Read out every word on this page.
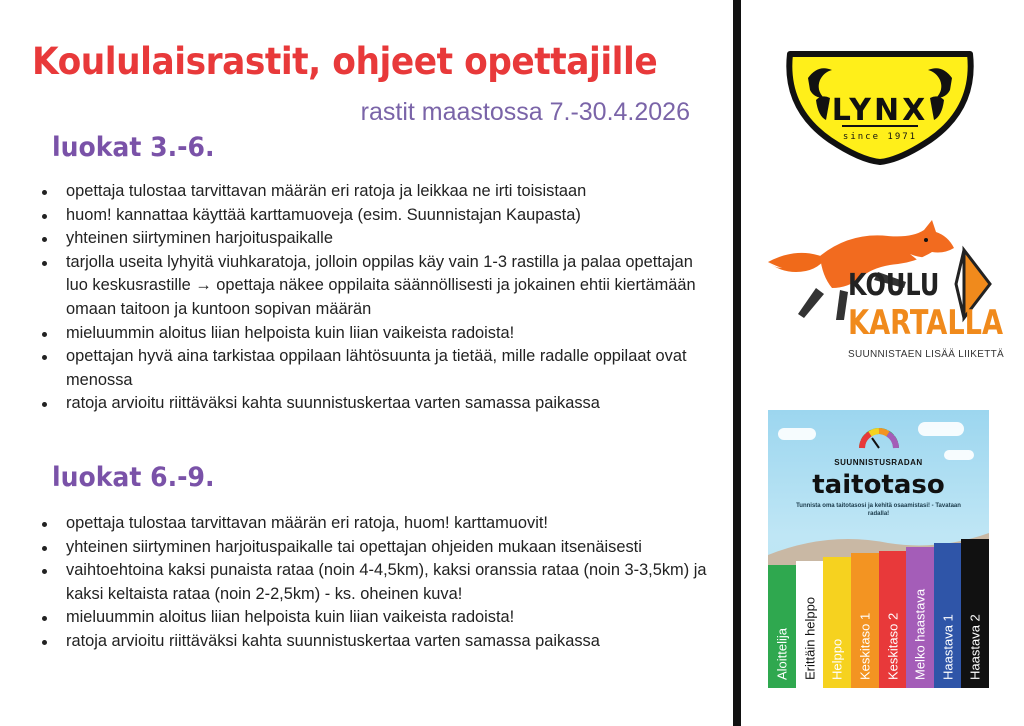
Koululaisrastit, ohjeet opettajille
rastit maastossa 7.-30.4.2026
luokat 3.-6.
opettaja tulostaa tarvittavan määrän eri ratoja ja leikkaa ne irti toisistaan
huom! kannattaa käyttää karttamuoveja (esim. Suunnistajan Kaupasta)
yhteinen siirtyminen harjoituspaikalle
tarjolla useita lyhyitä viuhkaratoja, jolloin oppilas käy vain 1-3 rastilla ja palaa opettajan luo keskusrastille → opettaja näkee oppilaita säännöllisesti ja jokainen ehtii kiertämään omaan taitoon ja kuntoon sopivan määrän
mieluummin aloitus liian helpoista kuin liian vaikeista radoista!
opettajan hyvä aina tarkistaa oppilaan lähtösuunta ja tietää, mille radalle oppilaat ovat menossa
ratoja arvioitu riittäväksi kahta suunnistuskertaa varten samassa paikassa
luokat 6.-9.
opettaja tulostaa tarvittavan määrän eri ratoja, huom! karttamuovit!
yhteinen siirtyminen harjoituspaikalle tai opettajan ohjeiden mukaan itsenäisesti
vaihtoehtoina kaksi punaista rataa (noin 4-4,5km), kaksi oranssia rataa (noin 3-3,5km) ja kaksi keltaista rataa (noin 2-2,5km) - ks. oheinen kuva!
mieluummin aloitus liian helpoista kuin liian vaikeista radoista!
ratoja arvioitu riittäväksi kahta suunnistuskertaa varten samassa paikassa
LYNX
since 1971
KOULU
KARTALLA
SUUNNISTAEN LISÄÄ LIIKETTÄ
SUUNNISTUSRADAN
taitotaso
Tunnista oma taitotasosi ja kehitä osaamistasi! - Tavataan radalla!
Aloittelija Erittäin helppo Helppo Keskitaso 1 Keskitaso 2 Melko haastava Haastava 1 Haastava 2
